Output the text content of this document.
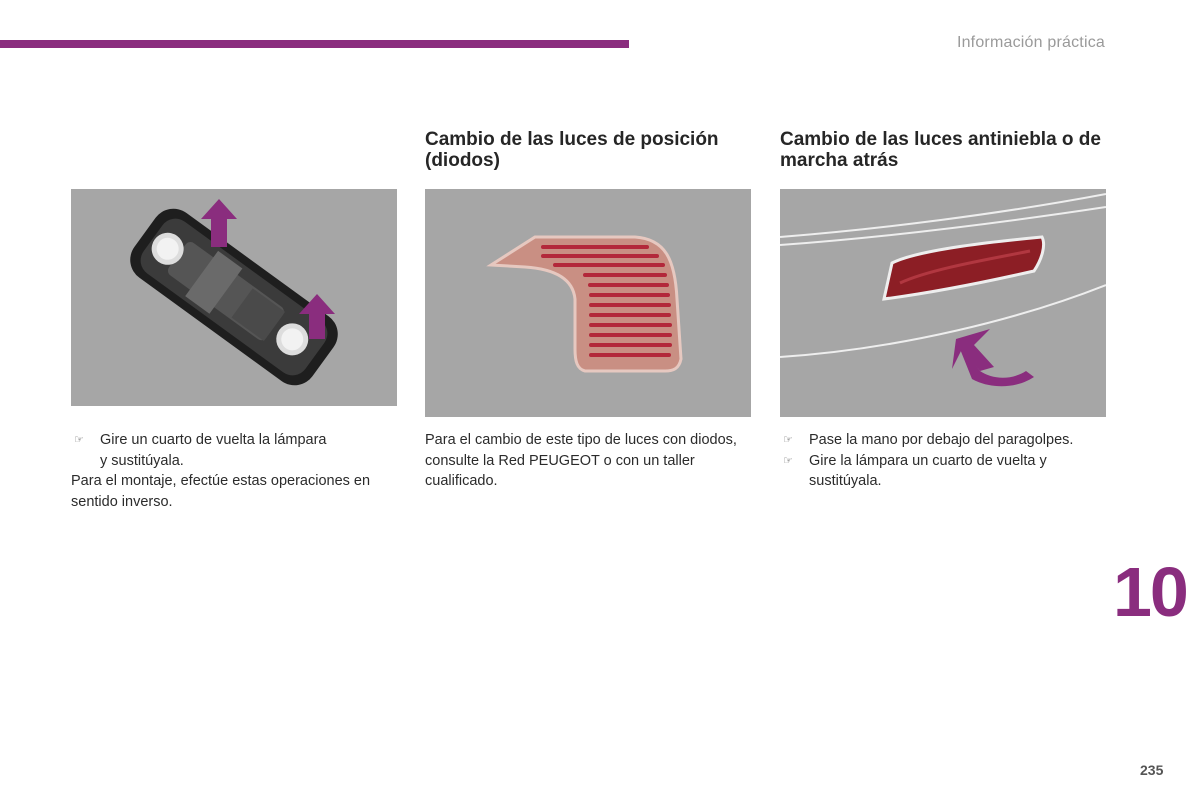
Información práctica
☞ Gire un cuarto de vuelta la lámpara
y sustitúyala.
Para el montaje, efectúe estas operaciones en sentido inverso.
Cambio de las luces de posición (diodos)
Para el cambio de este tipo de luces con diodos, consulte la Red PEUGEOT o con un taller cualificado.
Cambio de las luces antiniebla o de marcha atrás
☞ Pase la mano por debajo del paragolpes.
☞ Gire la lámpara un cuarto de vuelta y sustitúyala.
10
235
